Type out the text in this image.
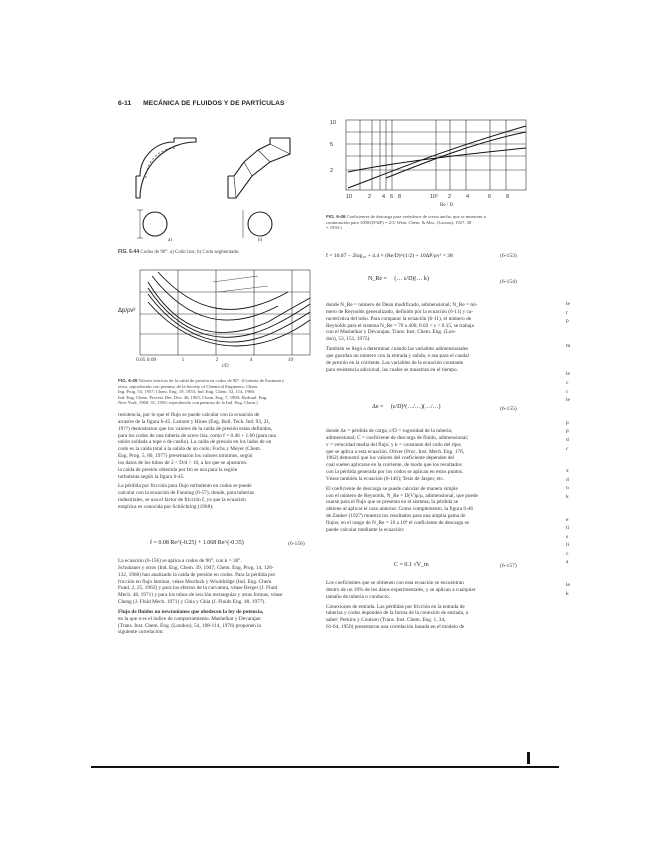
6-11 MECÁNICA DE FLUIDOS Y DE PARTÍCULAS
a)	b)
FIG. 6-44 Codos de 90°. a) Codo liso; b) Codo segmentado.
Δp/ρv²
0.05 0.09	1	2	4	10
r/D
FIG. 6-45 Valores teóricos de la caída de presión en codos de 90°. (Cortesía de Eastman y
otros, reproducido con permiso de la Society of Chemical Engineers; Chem.
Ing. Prog. 53, 1957; Chem. Eng. 19, 1953; Ind. Eng. Chem. 52, 114, 1960;
Ind. Eng. Chem. Process Des. Dev. 46, 1965; Chem. Eng. 7, 1969; Hydraul. Eng.
New York. 1960. 31, 1950; reproducido con permiso de la Ind. Eng. Chem.)
resistencia, por lo que el flujo se puede calcular con la ecuación de
arrastre de la figura 6-45. Lamont y Hines (Eng. Bull. Tech. Ind. 93, 21,
19??) demostraron que los valores de la caída de presión están definidos,
para los codos de una tubería de acero lisa, como f = 0.46 + 1.60 (para una
unión soldada a tope o de cuello). La caída de presión en los lados de un
codo es la caída total a la salida de un codo; Fuchs y Meyer (Chem.
Eng. Prog. 5, 80, 1977) presentaron los valores mínimos, según
los datos de los tubos de 2 < D/d < 16, a los que se ajustaron.
la caída de presión obtenida por Ito se usa para la región
turbulenta según la figura 6-45.
La pérdida por fricción para flujo turbulento en codos se puede
calcular con la ecuación de Fanning (6-57), donde, para tuberías
industriales, se usa el factor de fricción f, ya que la ecuación
empírica es conocida por Schlichting (1968):
f = 0.08 Re^(-0.25) + 1.068 Re^(-0.35)	(6-156)
La ecuación (6-156) se aplica a codos de 90°, con k = 30°.
Schubauer y otros (Ind. Eng. Chem. 39, 1947; Chem. Eng. Prog. 14, 126-
132, 1968) han analizado la caída de presión en codos. Para la pérdida por
fricción en flujo laminar, véase Murdock y Wooldridge (Ind. Eng. Chem.
Fund. 2, 25, 1963) y para los efectos de la curvatura, véase Berger (J. Fluid
Mech. 48, 1971) y para los tubos de sección rectangular y otras formas, véase
Cheng (J. Fluid Mech. 1971) y Ghia y Ghia (J. Fluids Eng. 48, 1977).
Flujo de fluidos no newtonianos que obedecen la ley de potencia,
en la que n es el índice de comportamiento. Mashelkar y Devarajan
(Trans. Inst. Chem. Eng. (London), 54, 108-114, 1976) proponen la
siguiente correlación:
10
5
2
10	2 4 6 8	10² 2	4	6	8
Re / D
FIG. 6-46 Coeficientes de descarga para vertederos de cresta ancha, que se muestran a
continuación para 1000/(D²ΔP) = 2/3; Wear, Chem. & Mac. (Lasson), 1927, 38
= 1950.)
f = 10.07 − 2log₁₀ + 4.4 × (Re/D)^(1/2) + 10ΔP/ρv² = 38	(6-153)
N_Re = (… ε/D)(… k)	(6-154)
donde N_Re = número de Dean modificado, adimensional; N_Re = nú-
mero de Reynolds generalizado, definido por la ecuación (6-11) y ca-
racterística del tubo. Para comparar la ecuación (6-11), el número de
Reynolds para el sistema N_Re = 70 a 400, 0.03 < ε < 0.15, se trabaja
con el Mashelkar y Devarajan, Trans. Inst. Chem. Eng. (Lon-
don), 53, 151, 1975).
También se llegó a determinar cuándo las variables adimensionales
que guardan un número con la entrada y salida, o sea para el caudal
de presión en la corriente. Las variables de la ecuación constante
para resistencia adicional, las cuales se muestran en el tiempo.
Δe = (ε/D)³(…/…)(…/…)	(6-155)
donde Δe = pérdida de carga; ε/D = rugosidad de la tubería;
adimensional; C = coeficiente de descarga de fluido, adimensional;
v = velocidad media del flujo; y k = constante del codo del tipo;
que se aplica a esta ecuación. Oliver (Proc. Inst. Mech. Eng. 176,
1962) demostró que los valores del coeficiente dependen del
cual suelen aplicarse en la corriente, de modo que los resultados
con la pérdida generada por los codos se aplican en estos puntos.
Véase también la ecuación (6-146); Tesis de Jasper, etc.
El coeficiente de descarga se puede calcular de manera simple
con el número de Reynolds, N_Re = D(V)ρ/μ, adimensional, que puede
usarse para el flujo que se presenta en el sistema; la pérdida se
obtiene al aplicar el caso anterior. Como complemento, la figura 6-46
de Zanker (1927) muestra los resultados para una amplia gama de
flujos; en el rango de N_Re = 10 a 10⁴ el coeficiente de descarga se
puede calcular mediante la ecuación:
C = 0.1 √V_m	(6-157)
Los coeficientes que se obtienen con esta ecuación se encuentran
dentro de un 10% de los datos experimentales, y se aplican a cualquier
tamaño de tubería o conducto.
Conexiones de entrada. Las pérdidas por fricción en la entrada de
tuberías y codos dependen de la forma de la conexión de entrada, a
saber: Perkins y Coulson (Trans. Inst. Chem. Eng. 1, 34,
61-64, 1950) presentaron una correlación basada en el modelo de
le
r
p
m
le
c
c
le
p
p
d
c
x
d
u
k
e
li
s
li
c
a
le
k
